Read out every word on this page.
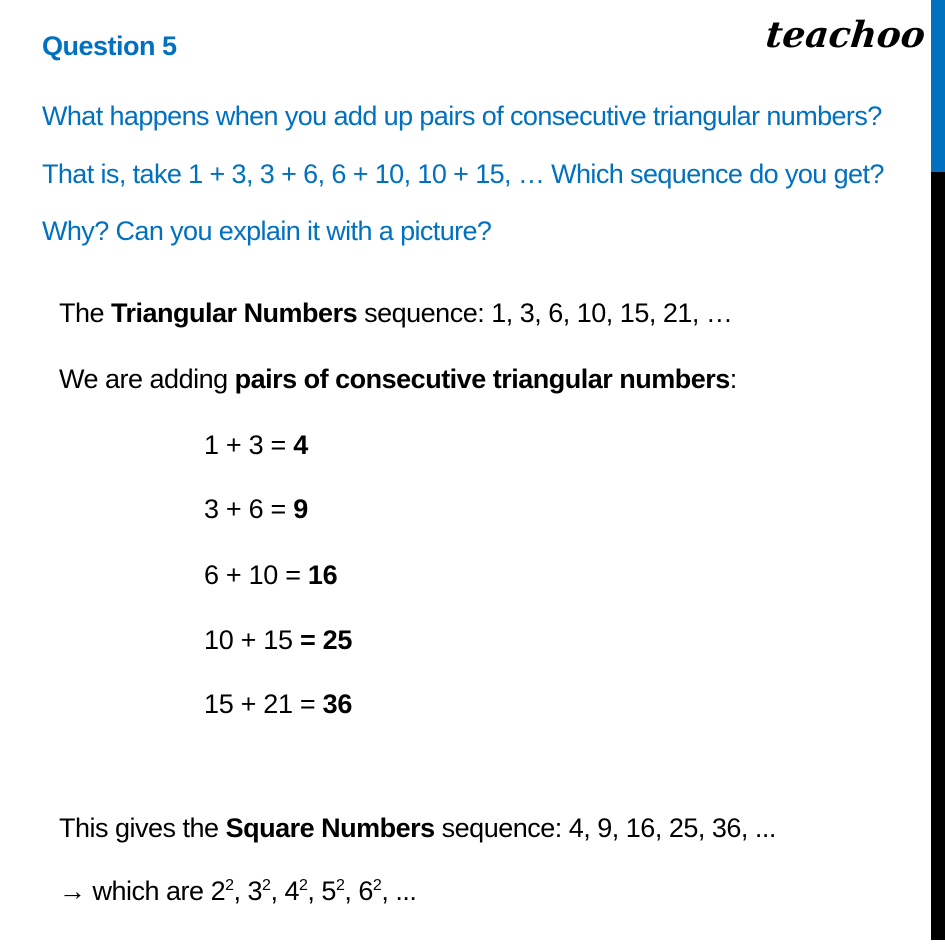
teachoo
Question 5
What happens when you add up pairs of consecutive triangular numbers? That is, take 1 + 3, 3 + 6, 6 + 10, 10 + 15, … Which sequence do you get? Why? Can you explain it with a picture?
The Triangular Numbers sequence: 1, 3, 6, 10, 15, 21, …
We are adding pairs of consecutive triangular numbers:
1 + 3 = 4
3 + 6 = 9
6 + 10 = 16
10 + 15 = 25
15 + 21 = 36
This gives the Square Numbers sequence: 4, 9, 16, 25, 36, ...
→ which are $2^2$, $3^2$, $4^2$, $5^2$, $6^2$, ...
